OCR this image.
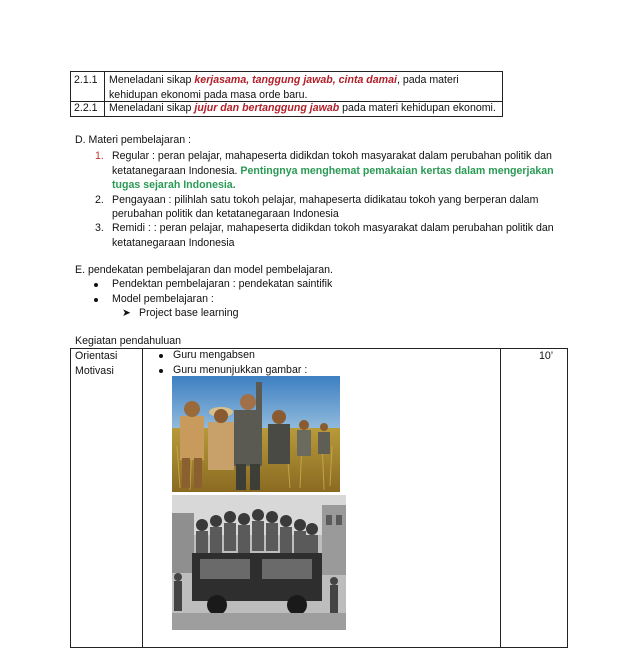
2.1.1 Meneladani sikap kerjasama, tanggung jawab, cinta damai, pada materi
kehidupan ekonomi pada masa orde baru.
2.2.1 Meneladani sikap jujur dan bertanggung jawab pada materi kehidupan ekonomi.
D. Materi pembelajaran :
1. Regular : peran pelajar, mahapeserta didikdan tokoh masyarakat dalam perubahan politik dan
ketatanegaraan Indonesia. Pentingnya menghemat pemakaian kertas dalam mengerjakan
tugas sejarah Indonesia.
2. Pengayaan : pilihlah satu tokoh pelajar, mahapeserta didikatau tokoh yang berperan dalam
perubahan politik dan ketatanegaraan Indonesia
3. Remidi : : peran pelajar, mahapeserta didikdan tokoh masyarakat dalam perubahan politik dan
ketatanegaraan Indonesia
E. pendekatan pembelajaran dan model pembelajaran.
Pendektan pembelajaran : pendekatan saintifik
Model pembelajaran :
➤ Project base learning
Kegiatan pendahuluan
Orientasi
Motivasi
Guru mengabsen
Guru menunjukkan gambar :
10’
